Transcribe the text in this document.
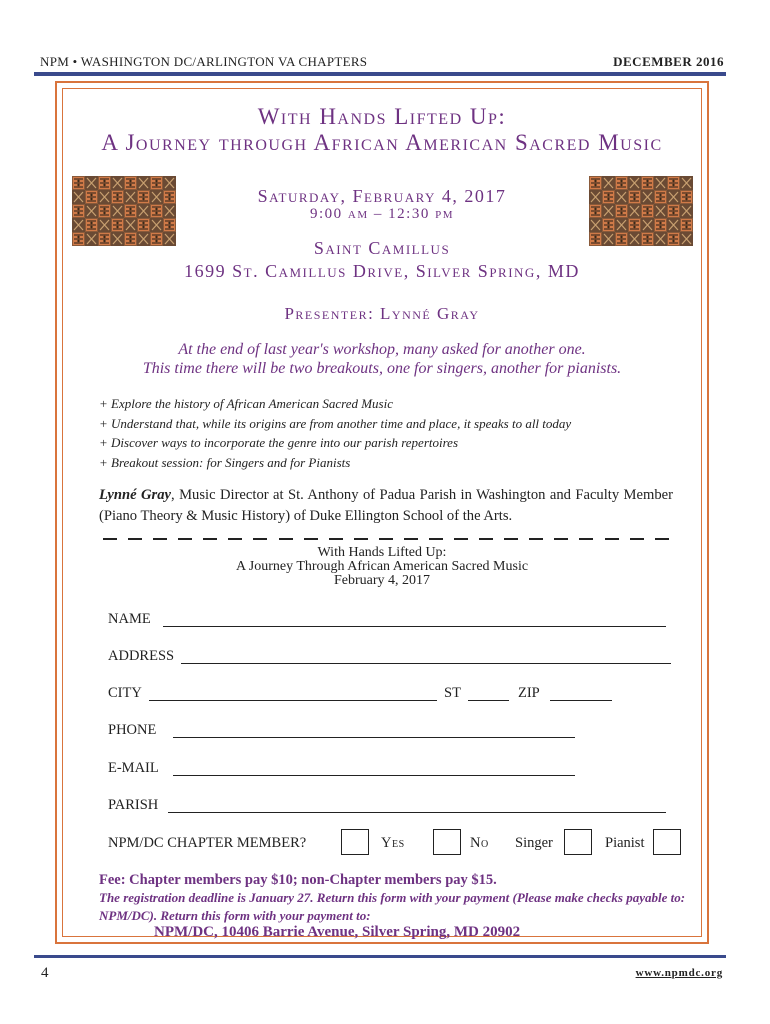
NPM • WASHINGTON DC/ARLINGTON VA CHAPTERS	DECEMBER 2016
With Hands Lifted Up:
A Journey through African American Sacred Music
Saturday, February 4, 2017
9:00 am – 12:30 pm
Saint Camillus
1699 St. Camillus Drive, Silver Spring, MD
Presenter: Lynné Gray
At the end of last year's workshop, many asked for another one.
This time there will be two breakouts, one for singers, another for pianists.
+ Explore the history of African American Sacred Music
+ Understand that, while its origins are from another time and place, it speaks to all today
+ Discover ways to incorporate the genre into our parish repertoires
+ Breakout session: for Singers and for Pianists
Lynné Gray, Music Director at St. Anthony of Padua Parish in Washington and Faculty Member (Piano Theory & Music History) of Duke Ellington School of the Arts.
With Hands Lifted Up:
A Journey Through African American Sacred Music
February 4, 2017
NAME
ADDRESS
CITY	ST	ZIP
PHONE
E-MAIL
PARISH
NPM/DC CHAPTER MEMBER?	Yes	No Singer	Pianist
Fee: Chapter members pay $10; non-Chapter members pay $15.
The registration deadline is January 27. Return this form with your payment (Please make checks payable to: NPM/DC). Return this form with your payment to:
NPM/DC, 10406 Barrie Avenue, Silver Spring, MD 20902
4	www.npmdc.org
